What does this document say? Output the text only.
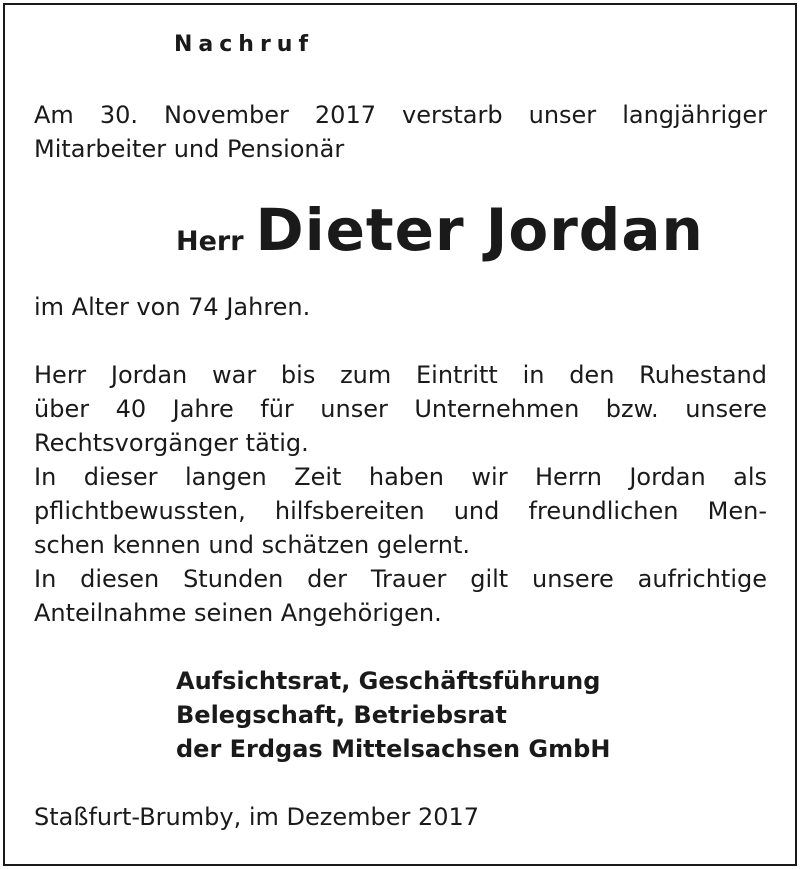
Nachruf

Am 30. November 2017 verstarb unser langjähriger

Mitarbeiter und Pensionär

Herr Dieter Jordan

im Alter von 74 Jahren.

Herr Jordan war bis zum Eintritt in den Ruhestand

über 40 Jahre für unser Unternehmen bzw. unsere

Rechtsvorgänger tätig.

In dieser langen Zeit haben wir Herrn Jordan als

pflichtbewussten, hilfsbereiten und freundlichen Men-

schen kennen und schätzen gelernt.

In diesen Stunden der Trauer gilt unsere aufrichtige

Anteilnahme seinen Angehörigen.

Aufsichtsrat, Geschäftsführung

Belegschaft, Betriebsrat

der Erdgas Mittelsachsen GmbH

Staßfurt-Brumby, im Dezember 2017
